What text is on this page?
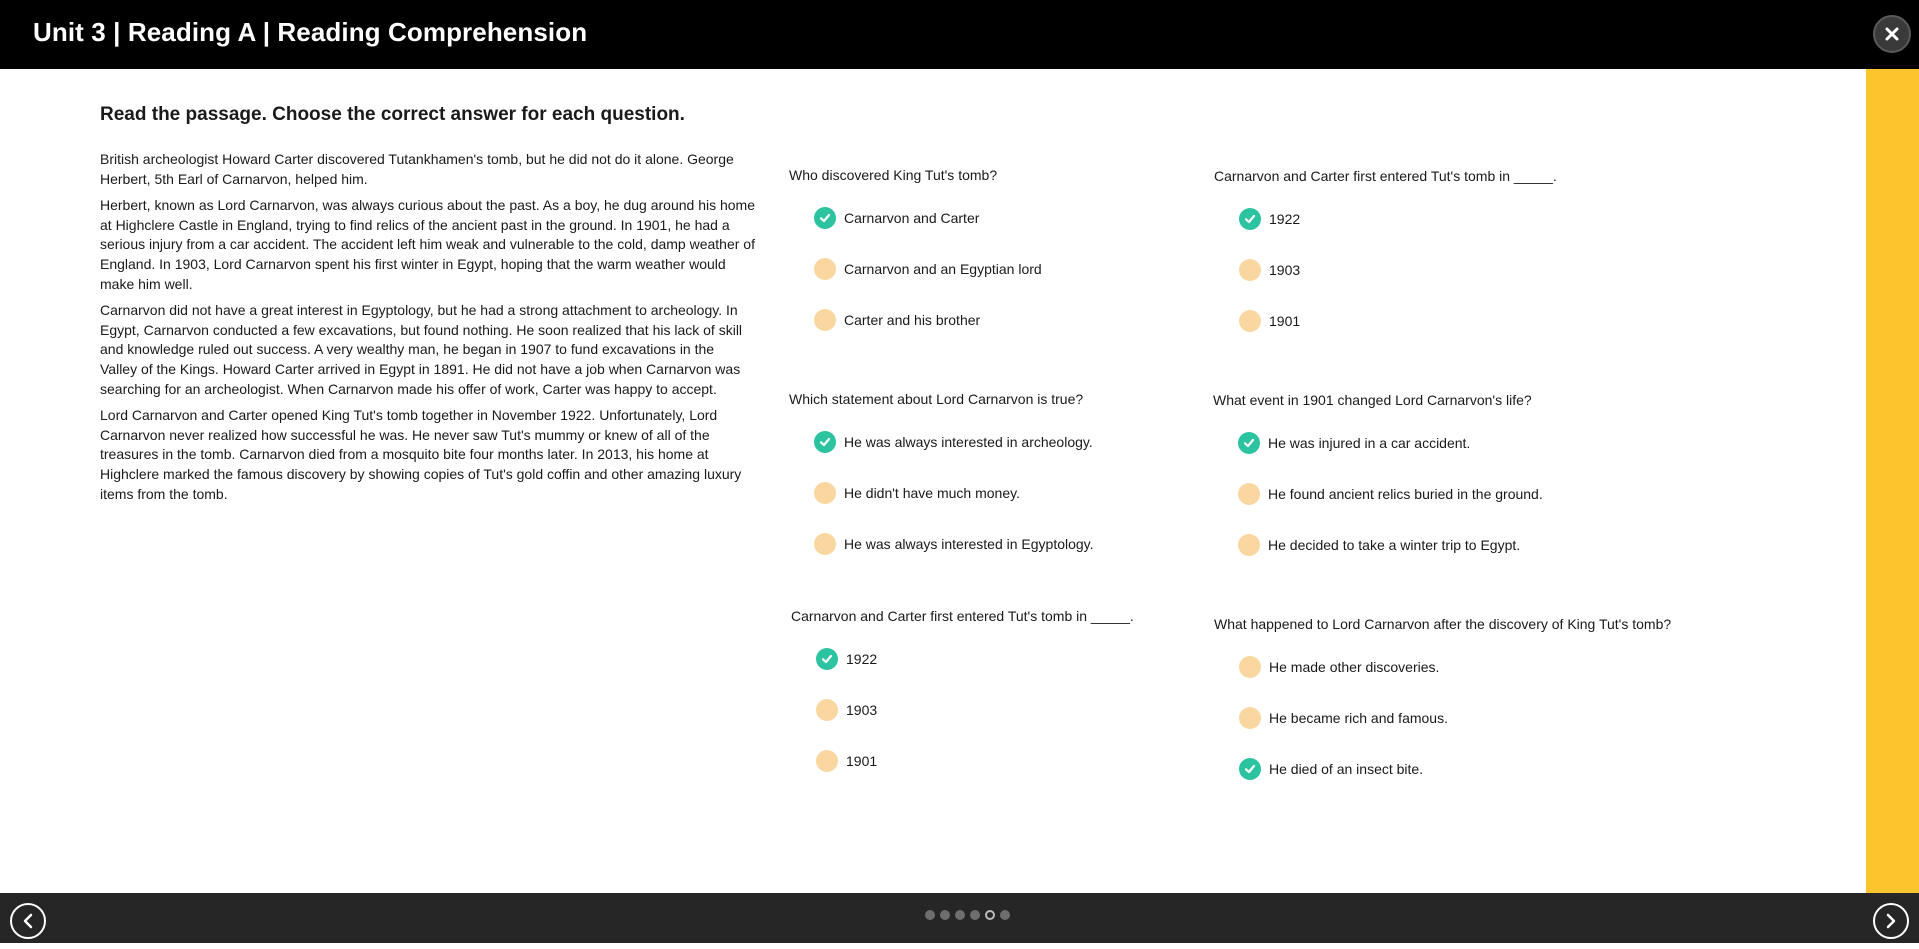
Unit 3 | Reading A | Reading Comprehension
Read the passage. Choose the correct answer for each question.

British archeologist Howard Carter discovered Tutankhamen's tomb, but he did not do it alone. George Herbert, 5th Earl of Carnarvon, helped him.

Herbert, known as Lord Carnarvon, was always curious about the past. As a boy, he dug around his home at Highclere Castle in England, trying to find relics of the ancient past in the ground. In 1901, he had a serious injury from a car accident. The accident left him weak and vulnerable to the cold, damp weather of England. In 1903, Lord Carnarvon spent his first winter in Egypt, hoping that the warm weather would make him well.

Carnarvon did not have a great interest in Egyptology, but he had a strong attachment to archeology. In Egypt, Carnarvon conducted a few excavations, but found nothing. He soon realized that his lack of skill and knowledge ruled out success. A very wealthy man, he began in 1907 to fund excavations in the Valley of the Kings. Howard Carter arrived in Egypt in 1891. He did not have a job when Carnarvon was searching for an archeologist. When Carnarvon made his offer of work, Carter was happy to accept.

Lord Carnarvon and Carter opened King Tut's tomb together in November 1922. Unfortunately, Lord Carnarvon never realized how successful he was. He never saw Tut's mummy or knew of all of the treasures in the tomb. Carnarvon died from a mosquito bite four months later. In 2013, his home at Highclere marked the famous discovery by showing copies of Tut's gold coffin and other amazing luxury items from the tomb.

Who discovered King Tut's tomb?
Carnarvon and Carter
Carnarvon and an Egyptian lord
Carter and his brother
Carnarvon and Carter first entered Tut's tomb in _____.
1922
1903
1901
Which statement about Lord Carnarvon is true?
He was always interested in archeology.
He didn't have much money.
He was always interested in Egyptology.
What event in 1901 changed Lord Carnarvon's life?
He was injured in a car accident.
He found ancient relics buried in the ground.
He decided to take a winter trip to Egypt.
Carnarvon and Carter first entered Tut's tomb in _____.
1922
1903
1901
What happened to Lord Carnarvon after the discovery of King Tut's tomb?
He made other discoveries.
He became rich and famous.
He died of an insect bite.
